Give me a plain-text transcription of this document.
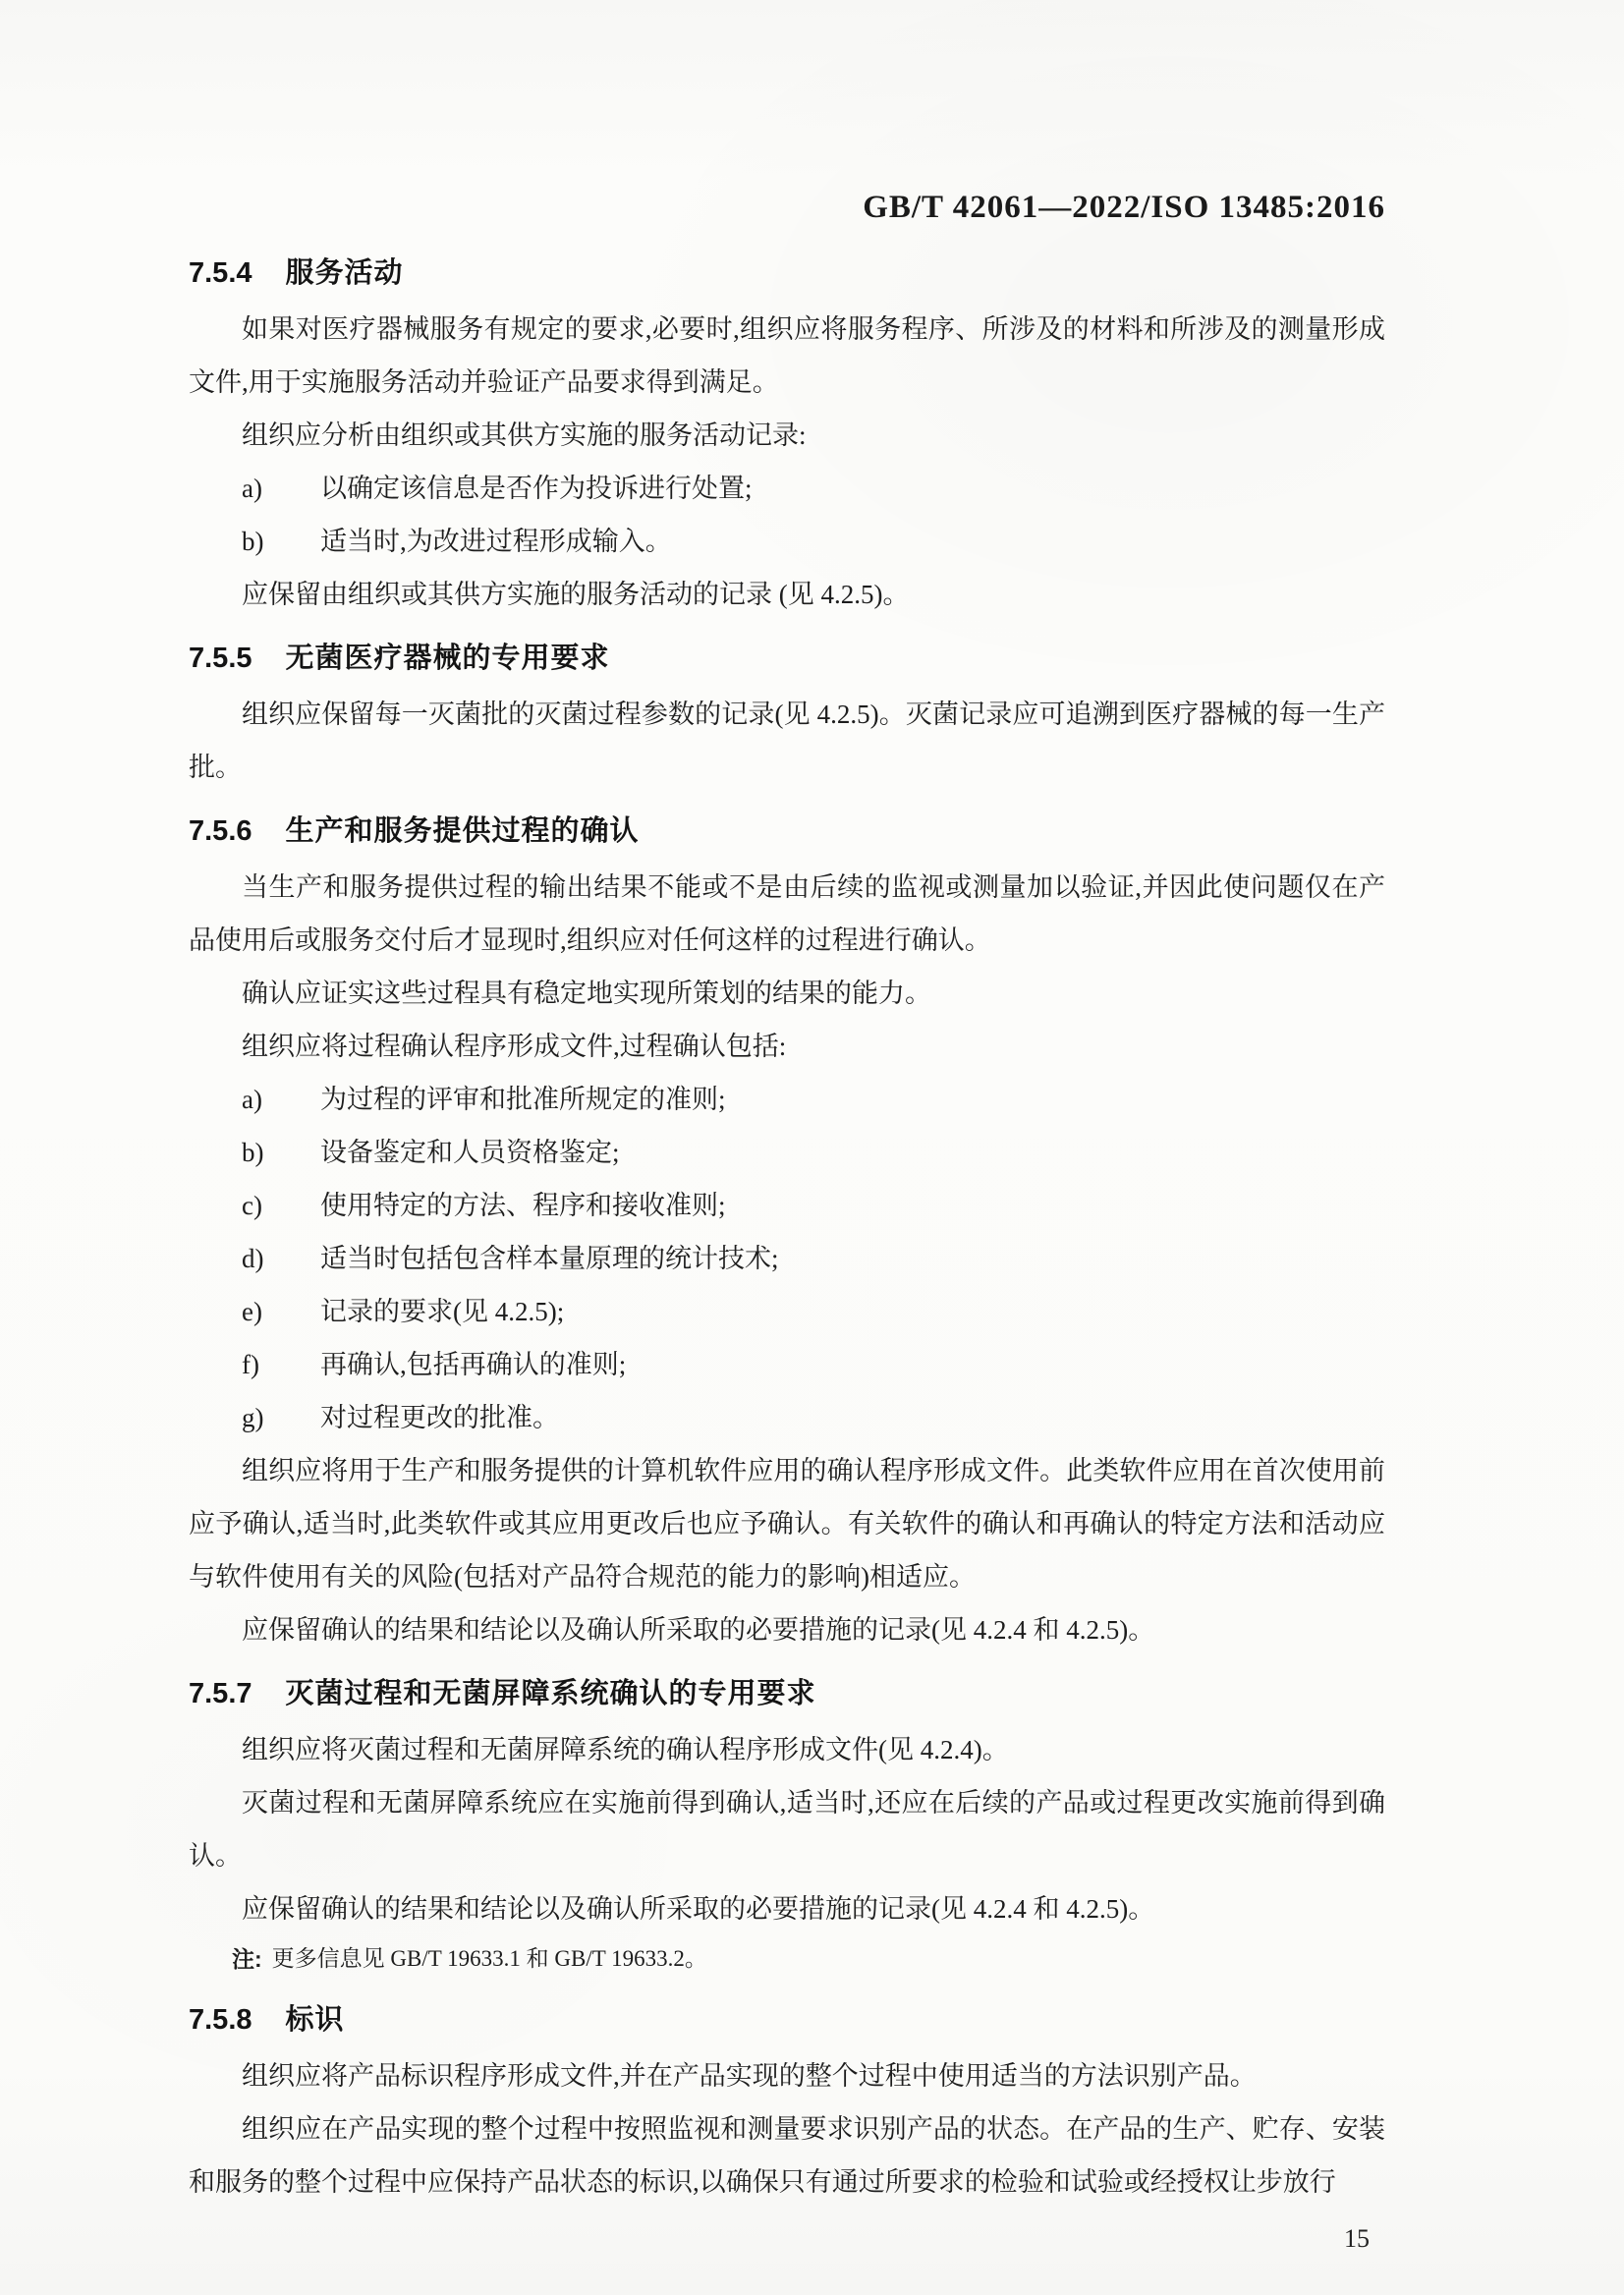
GB/T 42061—2022/ISO 13485:2016
7.5.4 服务活动

如果对医疗器械服务有规定的要求,必要时,组织应将服务程序、所涉及的材料和所涉及的测量形成文件,用于实施服务活动并验证产品要求得到满足。

组织应分析由组织或其供方实施的服务活动记录:

a)	以确定该信息是否作为投诉进行处置;
b)	适当时,为改进过程形成输入。

应保留由组织或其供方实施的服务活动的记录 (见 4.2.5)。

7.5.5 无菌医疗器械的专用要求

组织应保留每一灭菌批的灭菌过程参数的记录(见 4.2.5)。灭菌记录应可追溯到医疗器械的每一生产批。

7.5.6 生产和服务提供过程的确认

当生产和服务提供过程的输出结果不能或不是由后续的监视或测量加以验证,并因此使问题仅在产品使用后或服务交付后才显现时,组织应对任何这样的过程进行确认。

确认应证实这些过程具有稳定地实现所策划的结果的能力。

组织应将过程确认程序形成文件,过程确认包括:

a)	为过程的评审和批准所规定的准则;
b)	设备鉴定和人员资格鉴定;
c)	使用特定的方法、程序和接收准则;
d)	适当时包括包含样本量原理的统计技术;
e)	记录的要求(见 4.2.5);
f)	再确认,包括再确认的准则;
g)	对过程更改的批准。

组织应将用于生产和服务提供的计算机软件应用的确认程序形成文件。此类软件应用在首次使用前应予确认,适当时,此类软件或其应用更改后也应予确认。有关软件的确认和再确认的特定方法和活动应与软件使用有关的风险(包括对产品符合规范的能力的影响)相适应。

应保留确认的结果和结论以及确认所采取的必要措施的记录(见 4.2.4 和 4.2.5)。

7.5.7 灭菌过程和无菌屏障系统确认的专用要求

组织应将灭菌过程和无菌屏障系统的确认程序形成文件(见 4.2.4)。

灭菌过程和无菌屏障系统应在实施前得到确认,适当时,还应在后续的产品或过程更改实施前得到确认。

应保留确认的结果和结论以及确认所采取的必要措施的记录(见 4.2.4 和 4.2.5)。

注: 更多信息见 GB/T 19633.1 和 GB/T 19633.2。
7.5.8 标识

组织应将产品标识程序形成文件,并在产品实现的整个过程中使用适当的方法识别产品。

组织应在产品实现的整个过程中按照监视和测量要求识别产品的状态。在产品的生产、贮存、安装和服务的整个过程中应保持产品状态的标识,以确保只有通过所要求的检验和试验或经授权让步放行

15
